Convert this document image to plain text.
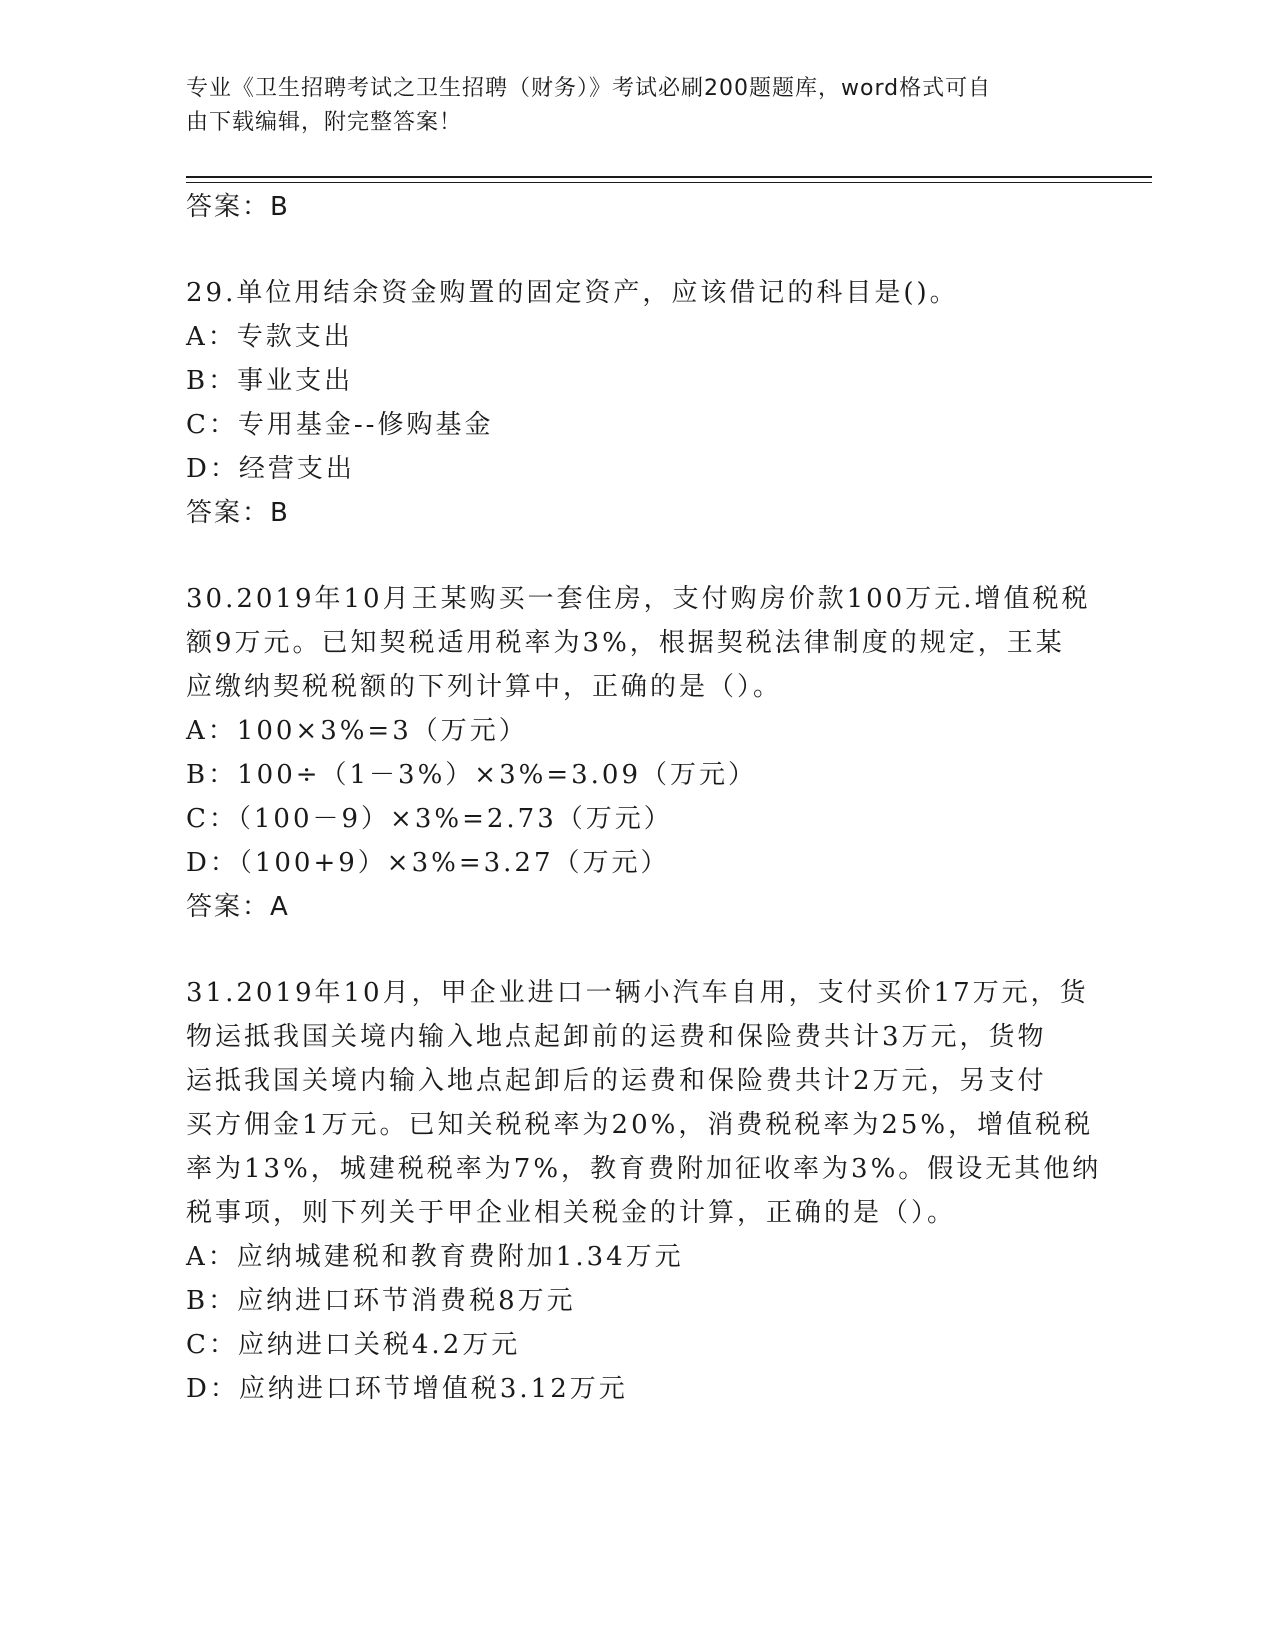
专业《卫生招聘考试之卫生招聘（财务）》考试必刷200题题库，word格式可自
由下载编辑，附完整答案！
答案：B
29.单位用结余资金购置的固定资产，应该借记的科目是()。
A：专款支出
B：事业支出
C：专用基金--修购基金
D：经营支出
答案：B
30.2019年10月王某购买一套住房，支付购房价款100万元.增值税税
额9万元。已知契税适用税率为3%，根据契税法律制度的规定，王某
应缴纳契税税额的下列计算中，正确的是（）。
A：100×3%=3（万元）
B：100÷（1－3%）×3%=3.09（万元）
C：（100－9）×3%=2.73（万元）
D：（100+9）×3%=3.27（万元）
答案：A
31.2019年10月，甲企业进口一辆小汽车自用，支付买价17万元，货
物运抵我国关境内输入地点起卸前的运费和保险费共计3万元，货物
运抵我国关境内输入地点起卸后的运费和保险费共计2万元，另支付
买方佣金1万元。已知关税税率为20%，消费税税率为25%，增值税税
率为13%，城建税税率为7%，教育费附加征收率为3%。假设无其他纳
税事项，则下列关于甲企业相关税金的计算，正确的是（）。
A：应纳城建税和教育费附加1.34万元
B：应纳进口环节消费税8万元
C：应纳进口关税4.2万元
D：应纳进口环节增值税3.12万元
